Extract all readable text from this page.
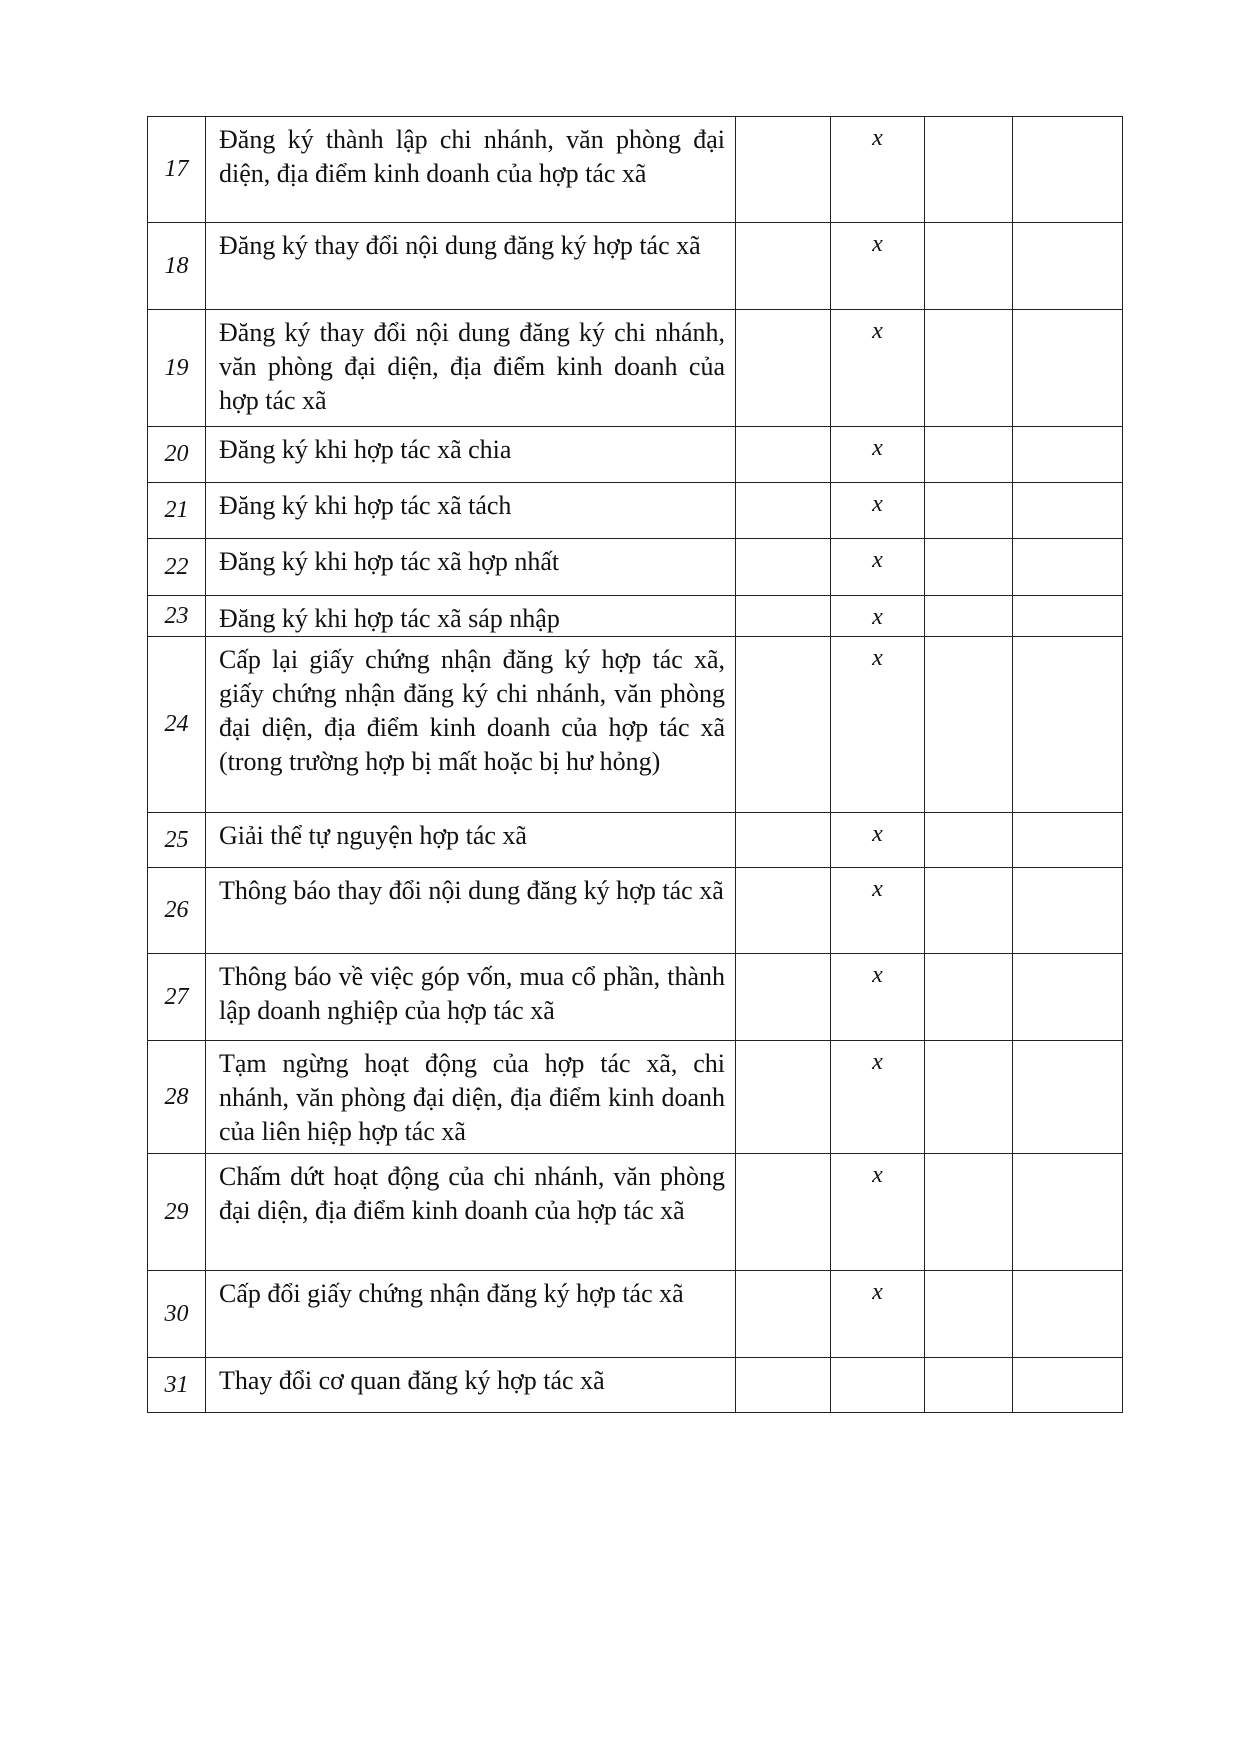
17	Đăng ký thành lập chi nhánh, văn phòng đại diện, địa điểm kinh doanh của hợp tác xã		x		
18	Đăng ký thay đổi nội dung đăng ký hợp tác xã		x		
19	Đăng ký thay đổi nội dung đăng ký chi nhánh, văn phòng đại diện, địa điểm kinh doanh của hợp tác xã		x		
20	Đăng ký khi hợp tác xã chia		x		
21	Đăng ký khi hợp tác xã tách		x		
22	Đăng ký khi hợp tác xã hợp nhất		x		
23	Đăng ký khi hợp tác xã sáp nhập		x		
24	Cấp lại giấy chứng nhận đăng ký hợp tác xã, giấy chứng nhận đăng ký chi nhánh, văn phòng đại diện, địa điểm kinh doanh của hợp tác xã (trong trường hợp bị mất hoặc bị hư hỏng)		x		
25	Giải thể tự nguyện hợp tác xã		x		
26	Thông báo thay đổi nội dung đăng ký hợp tác xã		x		
27	Thông báo về việc góp vốn, mua cổ phần, thành lập doanh nghiệp của hợp tác xã		x		
28	Tạm ngừng hoạt động của hợp tác xã, chi nhánh, văn phòng đại diện, địa điểm kinh doanh của liên hiệp hợp tác xã		x		
29	Chấm dứt hoạt động của chi nhánh, văn phòng đại diện, địa điểm kinh doanh của hợp tác xã		x		
30	Cấp đổi giấy chứng nhận đăng ký hợp tác xã		x		
31	Thay đổi cơ quan đăng ký hợp tác xã				
